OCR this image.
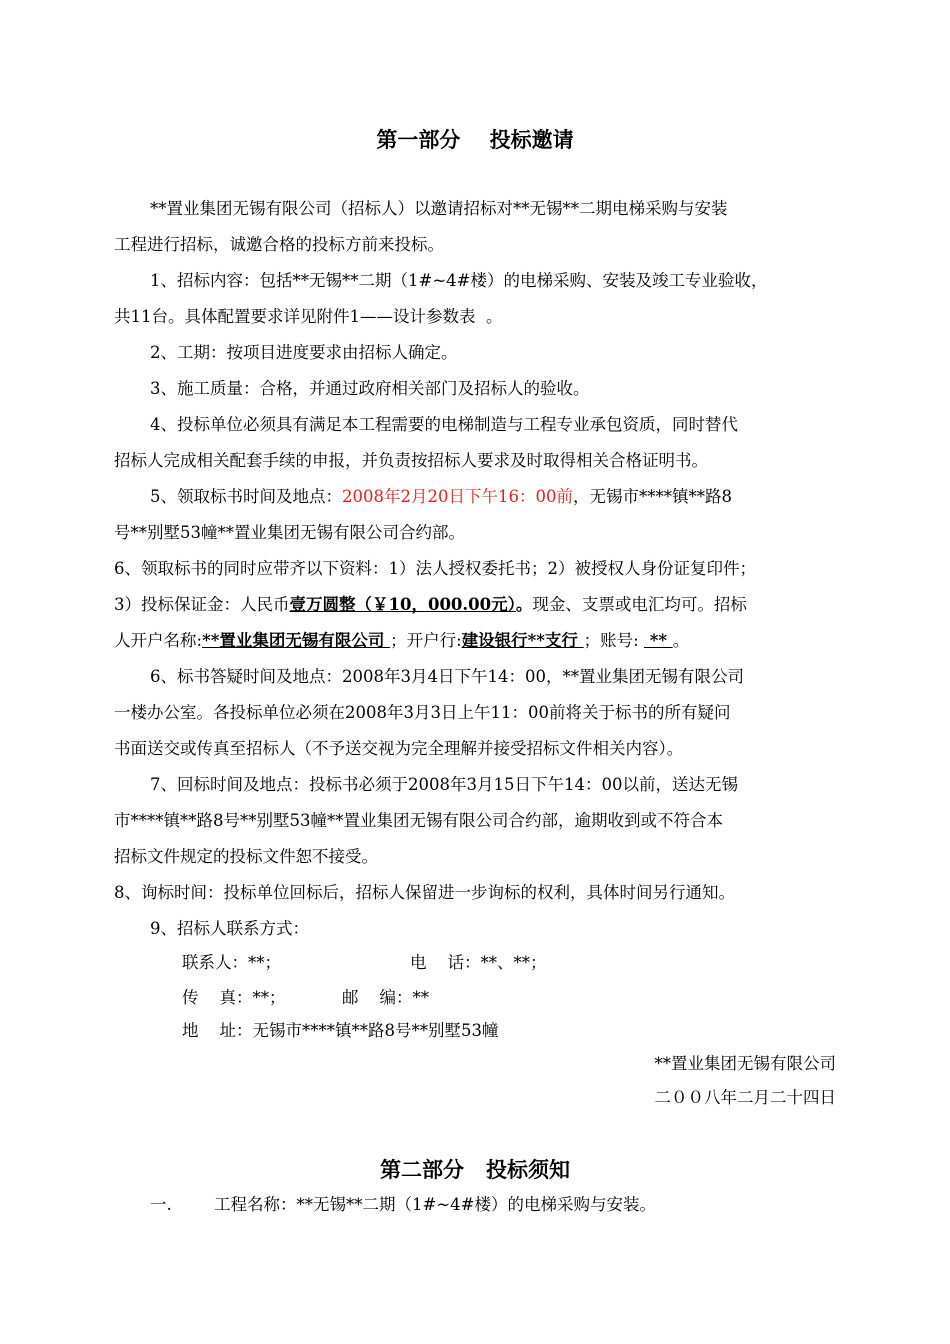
第一部分    投标邀请
**置业集团无锡有限公司（招标人）以邀请招标对**无锡**二期电梯采购与安装
工程进行招标，诚邀合格的投标方前来投标。
1、招标内容：包括**无锡**二期（1#~4#楼）的电梯采购、安装及竣工专业验收，
共11台。具体配置要求详见附件1——设计参数表  。
2、工期：按项目进度要求由招标人确定。
3、施工质量：合格，并通过政府相关部门及招标人的验收。
4、投标单位必须具有满足本工程需要的电梯制造与工程专业承包资质，同时替代
招标人完成相关配套手续的申报，并负责按招标人要求及时取得相关合格证明书。
5、领取标书时间及地点：2008年2月20日下午16：00前，无锡市****镇**路8
号**别墅53幢**置业集团无锡有限公司合约部。
6、领取标书的同时应带齐以下资料：1）法人授权委托书；2）被授权人身份证复印件；
3）投标保证金：人民币壹万圆整（￥10，000.00元）。现金、支票或电汇均可。招标
人开户名称:**置业集团无锡有限公司 ；开户行:建设银行**支行 ；账号:  ** 。
6、标书答疑时间及地点：2008年3月4日下午14：00，**置业集团无锡有限公司
一楼办公室。各投标单位必须在2008年3月3日上午11：00前将关于标书的所有疑问
书面送交或传真至招标人（不予送交视为完全理解并接受招标文件相关内容）。
7、回标时间及地点：投标书必须于2008年3月15日下午14：00以前，送达无锡
市****镇**路8号**别墅53幢**置业集团无锡有限公司合约部，逾期收到或不符合本
招标文件规定的投标文件恕不接受。
8、询标时间：投标单位回标后，招标人保留进一步询标的权利，具体时间另行通知。
9、招标人联系方式：
联系人：**；	电    话：**、**；
传    真：**；	邮    编：**
地    址：无锡市****镇**路8号**别墅53幢
**置业集团无锡有限公司
二００八年二月二十四日
第二部分   投标须知
一.	工程名称：**无锡**二期（1#~4#楼）的电梯采购与安装。
